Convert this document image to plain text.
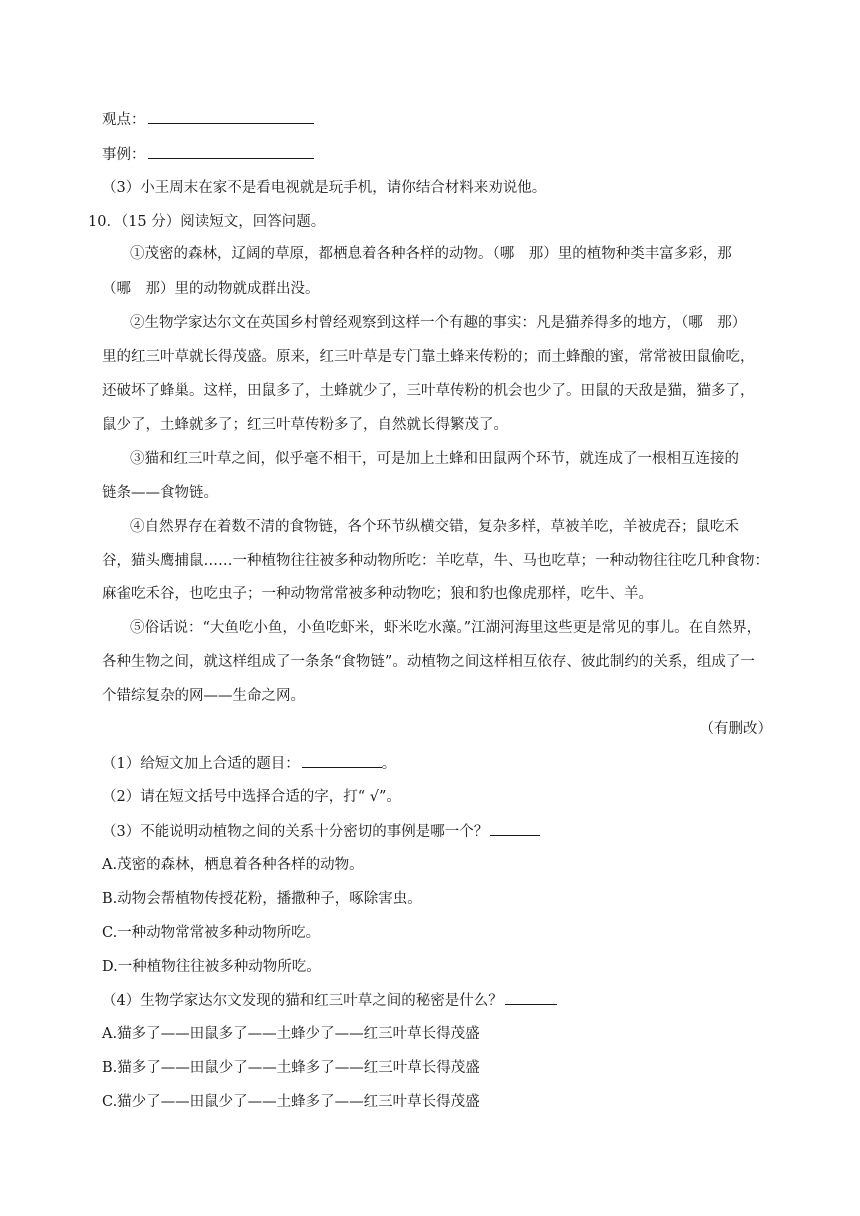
观点：
事例：
（3）小王周末在家不是看电视就是玩手机，请你结合材料来劝说他。
10．（15 分）阅读短文，回答问题。
①茂密的森林，辽阔的草原，都栖息着各种各样的动物。（哪　那）里的植物种类丰富多彩，那
（哪　那）里的动物就成群出没。
②生物学家达尔文在英国乡村曾经观察到这样一个有趣的事实：凡是猫养得多的地方，（哪　那）
里的红三叶草就长得茂盛。原来，红三叶草是专门靠土蜂来传粉的；而土蜂酿的蜜，常常被田鼠偷吃，
还破坏了蜂巢。这样，田鼠多了，土蜂就少了，三叶草传粉的机会也少了。田鼠的天敌是猫，猫多了，
鼠少了，土蜂就多了；红三叶草传粉多了，自然就长得繁茂了。
③猫和红三叶草之间，似乎毫不相干，可是加上土蜂和田鼠两个环节，就连成了一根相互连接的
链条——食物链。
④自然界存在着数不清的食物链，各个环节纵横交错，复杂多样，草被羊吃，羊被虎吞；鼠吃禾
谷，猫头鹰捕鼠……一种植物往往被多种动物所吃：羊吃草，牛、马也吃草；一种动物往往吃几种食物：
麻雀吃禾谷，也吃虫子；一种动物常常被多种动物吃；狼和豹也像虎那样，吃牛、羊。
⑤俗话说：“大鱼吃小鱼，小鱼吃虾米，虾米吃水藻。”江湖河海里这些更是常见的事儿。在自然界，
各种生物之间，就这样组成了一条条“食物链”。动植物之间这样相互依存、彼此制约的关系，组成了一
个错综复杂的网——生命之网。
（有删改）
（1）给短文加上合适的题目：	。
（2）请在短文括号中选择合适的字，打“ √”。
（3）不能说明动植物之间的关系十分密切的事例是哪一个？
A.茂密的森林，栖息着各种各样的动物。
B.动物会帮植物传授花粉，播撒种子，啄除害虫。
C.一种动物常常被多种动物所吃。
D.一种植物往往被多种动物所吃。
（4）生物学家达尔文发现的猫和红三叶草之间的秘密是什么？
A.猫多了——田鼠多了——土蜂少了——红三叶草长得茂盛
B.猫多了——田鼠少了——土蜂多了——红三叶草长得茂盛
C.猫少了——田鼠少了——土蜂多了——红三叶草长得茂盛
